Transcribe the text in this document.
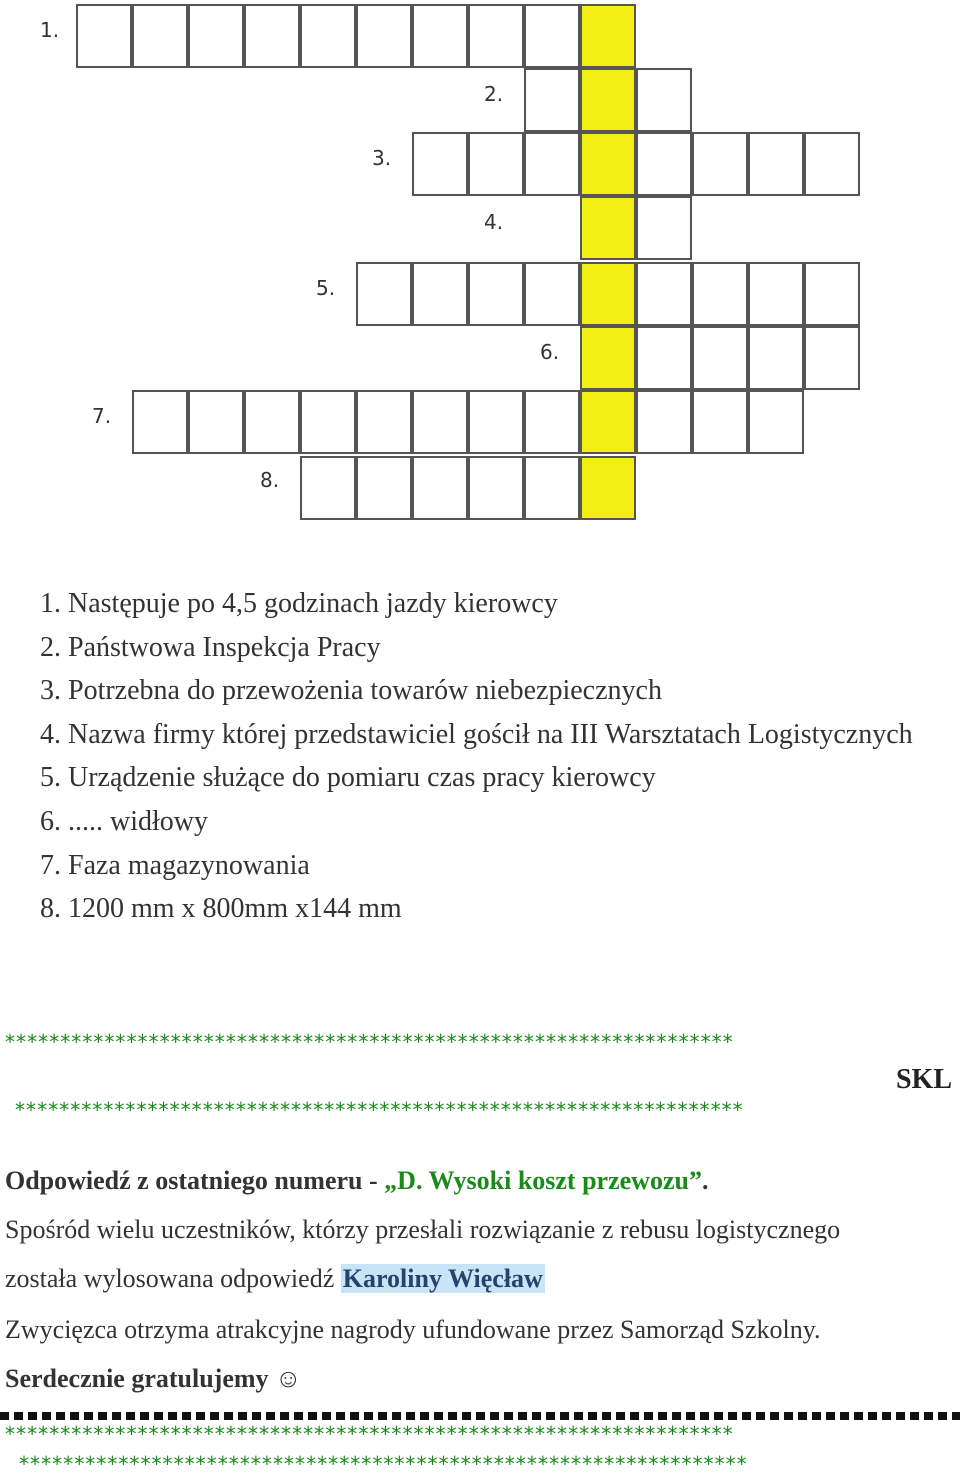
1.
2.
3.
4.
5.
6.
7.
8.
1. Następuje po 4,5 godzinach jazdy kierowcy
2. Państwowa Inspekcja Pracy
3. Potrzebna do przewożenia towarów niebezpiecznych
4. Nazwa firmy której przedstawiciel gościł na III Warsztatach Logistycznych
5. Urządzenie służące do pomiaru czas pracy kierowcy
6. ..... widłowy
7. Faza magazynowania
8. 1200 mm x 800mm x144 mm
******************************************************************
SKL
******************************************************************
Odpowiedź z ostatniego numeru - „D. Wysoki koszt przewozu”.
Spośród wielu uczestników, którzy przesłali rozwiązanie z rebusu logistycznego
została wylosowana odpowiedź Karoliny Więcław
Zwycięzca otrzyma atrakcyjne nagrody ufundowane przez Samorząd Szkolny.
Serdecznie gratulujemy ☺
******************************************************************
******************************************************************
